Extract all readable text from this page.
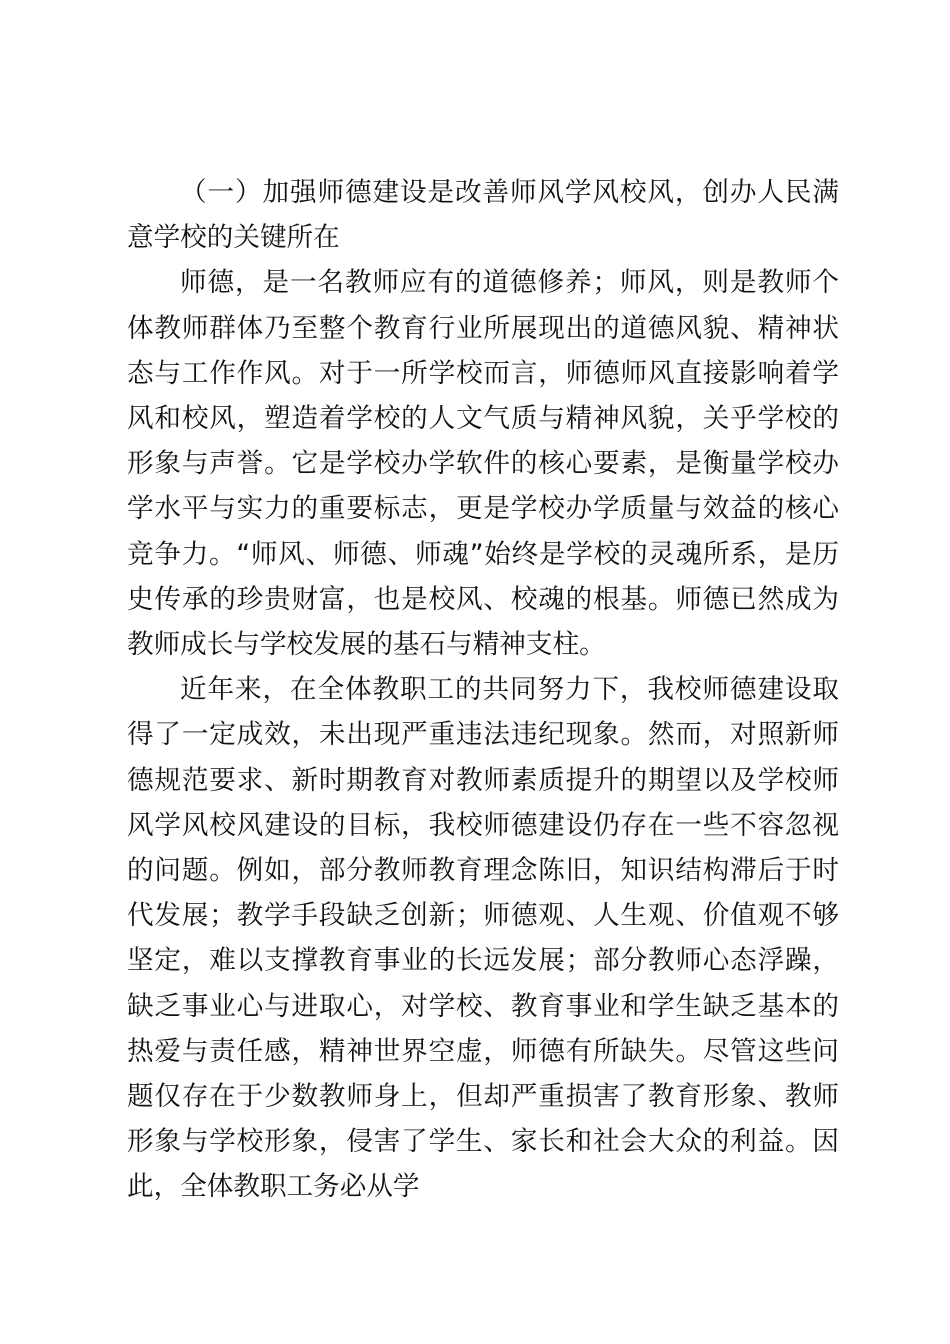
（一）加强师德建设是改善师风学风校风，创办人民满意学校的关键所在

师德，是一名教师应有的道德修养；师风，则是教师个体教师群体乃至整个教育行业所展现出的道德风貌、精神状态与工作作风。对于一所学校而言，师德师风直接影响着学风和校风，塑造着学校的人文气质与精神风貌，关乎学校的形象与声誉。它是学校办学软件的核心要素，是衡量学校办学水平与实力的重要标志，更是学校办学质量与效益的核心竞争力。“师风、师德、师魂”始终是学校的灵魂所系，是历史传承的珍贵财富，也是校风、校魂的根基。师德已然成为教师成长与学校发展的基石与精神支柱。

近年来，在全体教职工的共同努力下，我校师德建设取得了一定成效，未出现严重违法违纪现象。然而，对照新师德规范要求、新时期教育对教师素质提升的期望以及学校师风学风校风建设的目标，我校师德建设仍存在一些不容忽视的问题。例如，部分教师教育理念陈旧，知识结构滞后于时代发展；教学手段缺乏创新；师德观、人生观、价值观不够坚定，难以支撑教育事业的长远发展；部分教师心态浮躁，缺乏事业心与进取心，对学校、教育事业和学生缺乏基本的热爱与责任感，精神世界空虚，师德有所缺失。尽管这些问题仅存在于少数教师身上，但却严重损害了教育形象、教师形象与学校形象，侵害了学生、家长和社会大众的利益。因此，全体教职工务必从学
